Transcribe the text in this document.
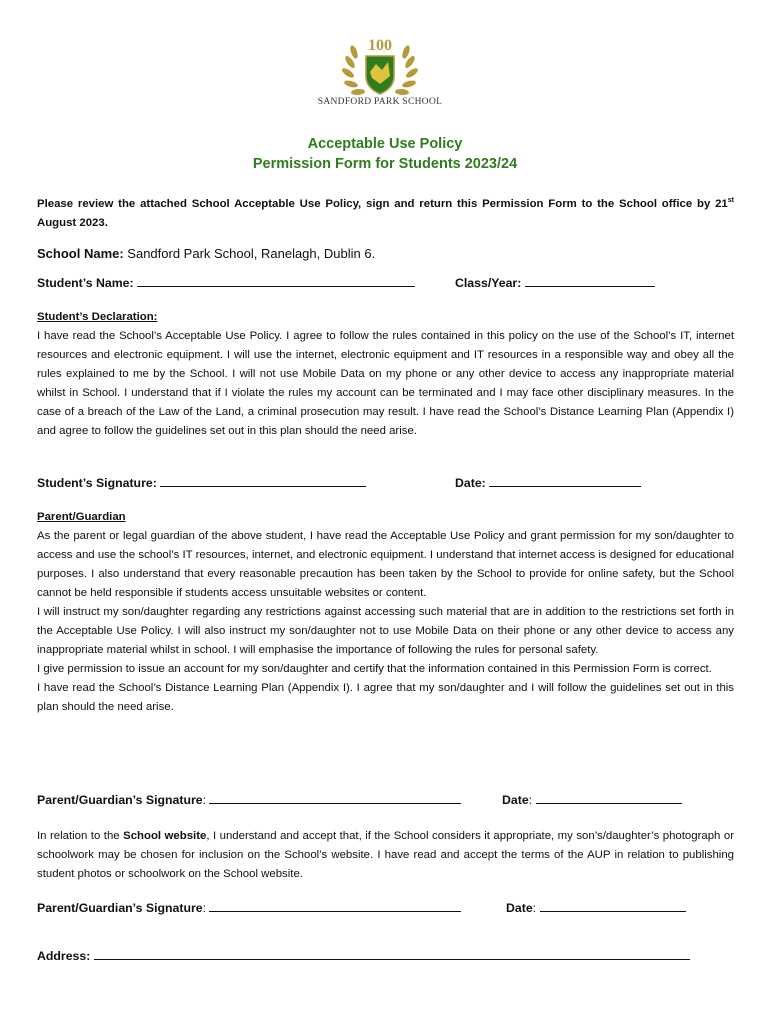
100
SANDFORD PARK SCHOOL
Acceptable Use Policy
Permission Form for Students 2023/24
Please review the attached School Acceptable Use Policy, sign and return this Permission Form to the School office by 21st August 2023.
School Name: Sandford Park School, Ranelagh, Dublin 6.
Student’s Name:	Class/Year:
Student’s Declaration:
I have read the School’s Acceptable Use Policy. I agree to follow the rules contained in this policy on the use of the School’s IT, internet resources and electronic equipment. I will use the internet, electronic equipment and IT resources in a responsible way and obey all the rules explained to me by the School. I will not use Mobile Data on my phone or any other device to access any inappropriate material whilst in School. I understand that if I violate the rules my account can be terminated and I may face other disciplinary measures. In the case of a breach of the Law of the Land, a criminal prosecution may result. I have read the School’s Distance Learning Plan (Appendix I) and agree to follow the guidelines set out in this plan should the need arise.
Student’s Signature:	Date:
Parent/Guardian

As the parent or legal guardian of the above student, I have read the Acceptable Use Policy and grant permission for my son/daughter to access and use the school’s IT resources, internet, and electronic equipment. I understand that internet access is designed for educational purposes. I also understand that every reasonable precaution has been taken by the School to provide for online safety, but the School cannot be held responsible if students access unsuitable websites or content.

I will instruct my son/daughter regarding any restrictions against accessing such material that are in addition to the restrictions set forth in the Acceptable Use Policy. I will also instruct my son/daughter not to use Mobile Data on their phone or any other device to access any inappropriate material whilst in school. I will emphasise the importance of following the rules for personal safety.

I give permission to issue an account for my son/daughter and certify that the information contained in this Permission Form is correct.

I have read the School’s Distance Learning Plan (Appendix I). I agree that my son/daughter and I will follow the guidelines set out in this plan should the need arise.

Parent/Guardian’s Signature:	Date:
In relation to the School website, I understand and accept that, if the School considers it appropriate, my son’s/daughter’s photograph or schoolwork may be chosen for inclusion on the School’s website. I have read and accept the terms of the AUP in relation to publishing student photos or schoolwork on the School website.
Parent/Guardian’s Signature:	Date:
Address:
